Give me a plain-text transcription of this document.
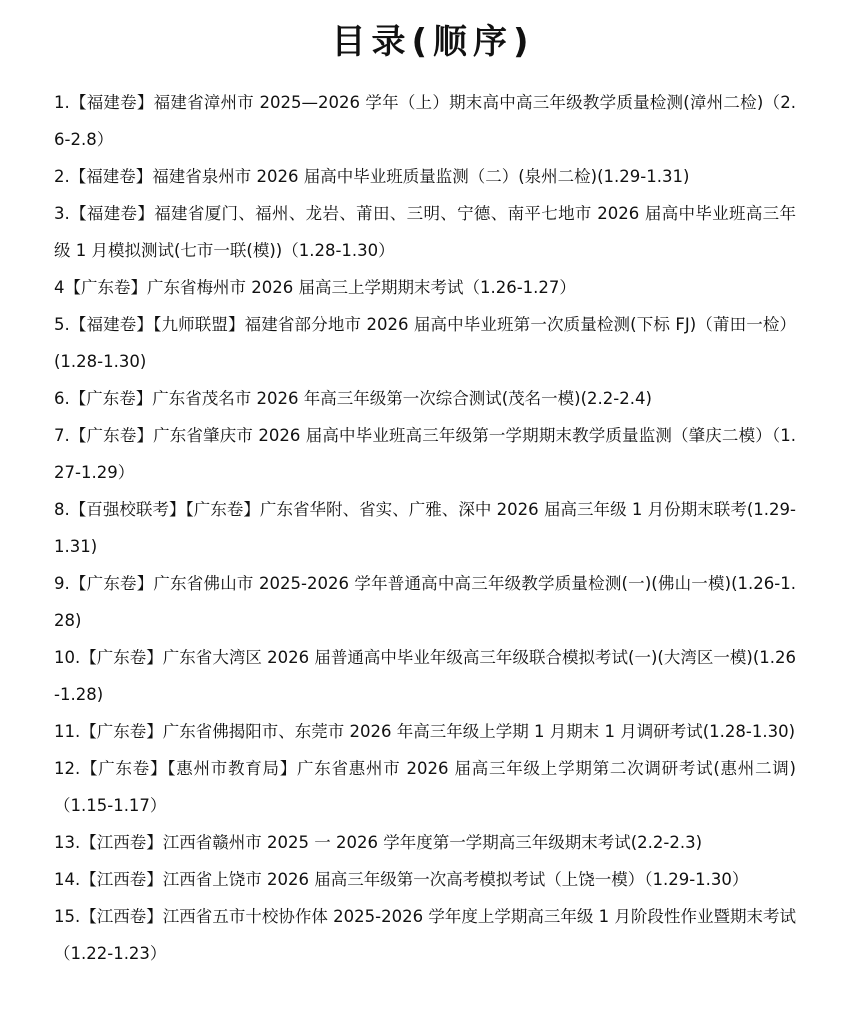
目录(顺序)
1.【福建卷】福建省漳州市 2025—2026 学年（上）期末高中高三年级教学质量检测(漳州二检)（2.6-2.8）
2.【福建卷】福建省泉州市 2026 届高中毕业班质量监测（二）(泉州二检)(1.29-1.31)
3.【福建卷】福建省厦门、福州、龙岩、莆田、三明、宁德、南平七地市 2026 届高中毕业班高三年级 1 月模拟测试(七市一联(模))（1.28-1.30）
4【广东卷】广东省梅州市 2026 届高三上学期期末考试（1.26-1.27）
5.【福建卷】【九师联盟】福建省部分地市 2026 届高中毕业班第一次质量检测(下标 FJ)（莆田一检）(1.28-1.30)
6.【广东卷】广东省茂名市 2026 年高三年级第一次综合测试(茂名一模)(2.2-2.4)
7.【广东卷】广东省肇庆市 2026 届高中毕业班高三年级第一学期期末教学质量监测（肇庆二模）（1.27-1.29）
8.【百强校联考】【广东卷】广东省华附、省实、广雅、深中 2026 届高三年级 1 月份期末联考(1.29-1.31)
9.【广东卷】广东省佛山市 2025-2026 学年普通高中高三年级教学质量检测(一)(佛山一模)(1.26-1.28)
10.【广东卷】广东省大湾区 2026 届普通高中毕业年级高三年级联合模拟考试(一)(大湾区一模)(1.26-1.28)
11.【广东卷】广东省佛揭阳市、东莞市 2026 年高三年级上学期 1 月期末 1 月调研考试(1.28-1.30)
12.【广东卷】【惠州市教育局】广东省惠州市 2026 届高三年级上学期第二次调研考试(惠州二调)（1.15-1.17）
13.【江西卷】江西省赣州市 2025 一 2026 学年度第一学期高三年级期末考试(2.2-2.3)
14.【江西卷】江西省上饶市 2026 届高三年级第一次高考模拟考试（上饶一模）（1.29-1.30）
15.【江西卷】江西省五市十校协作体 2025-2026 学年度上学期高三年级 1 月阶段性作业暨期末考试（1.22-1.23）
